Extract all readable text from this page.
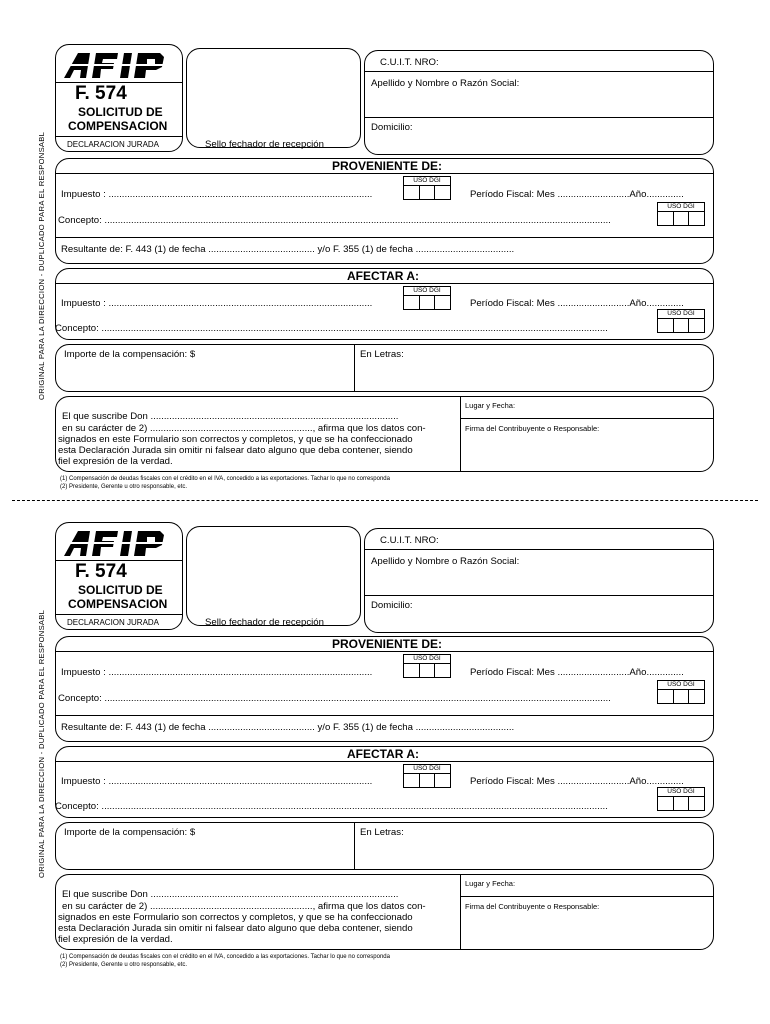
ORIGINAL PARA LA DIRECCION - DUPLICADO PARA EL RESPONSABL
F. 574
SOLICITUD DE
COMPENSACION
DECLARACION JURADA	Sello fechador de recepción
C.U.I.T. NRO:
Apellido y Nombre o Razón Social:
Domicilio:
PROVENIENTE DE:
USO DGI
Impuesto : ...................................................................................................	Período Fiscal: Mes ...........................Año..............
USO DGI
Concepto: ..............................................................................................................................................................................................
Resultante de: F. 443 (1) de fecha ........................................ y/o F. 355 (1) de fecha .....................................
AFECTAR A:
USO DGI
Impuesto : ...................................................................................................	Período Fiscal: Mes ...........................Año..............
USO DGI
Concepto: ..............................................................................................................................................................................................
Importe de la compensación: $	En Letras:
Lugar y Fecha:
Firma del Contribuyente o Responsable:
El que suscribe Don .............................................................................................
en su carácter de 2) ............................................................., afirma que los datos con-
signados en este Formulario son correctos y completos, y que se ha confeccionado
esta Declaración Jurada sin omitir ni falsear dato alguno que deba contener, siendo
fiel expresión de la verdad.
(1) Compensación de deudas fiscales con el crédito en el IVA, concedido a las exportaciones. Tachar lo que no corresponda
(2) Presidente, Gerente u otro responsable, etc.
ORIGINAL PARA LA DIRECCION - DUPLICADO PARA EL RESPONSABL
F. 574
SOLICITUD DE
COMPENSACION
DECLARACION JURADA	Sello fechador de recepción
C.U.I.T. NRO:
Apellido y Nombre o Razón Social:
Domicilio:
PROVENIENTE DE:
USO DGI
Impuesto : ...................................................................................................	Período Fiscal: Mes ...........................Año..............
USO DGI
Concepto: ..............................................................................................................................................................................................
Resultante de: F. 443 (1) de fecha ........................................ y/o F. 355 (1) de fecha .....................................
AFECTAR A:
USO DGI
Impuesto : ...................................................................................................	Período Fiscal: Mes ...........................Año..............
USO DGI
Concepto: ..............................................................................................................................................................................................
Importe de la compensación: $	En Letras:
Lugar y Fecha:
Firma del Contribuyente o Responsable:
El que suscribe Don .............................................................................................
en su carácter de 2) ............................................................., afirma que los datos con-
signados en este Formulario son correctos y completos, y que se ha confeccionado
esta Declaración Jurada sin omitir ni falsear dato alguno que deba contener, siendo
fiel expresión de la verdad.
(1) Compensación de deudas fiscales con el crédito en el IVA, concedido a las exportaciones. Tachar lo que no corresponda
(2) Presidente, Gerente u otro responsable, etc.
